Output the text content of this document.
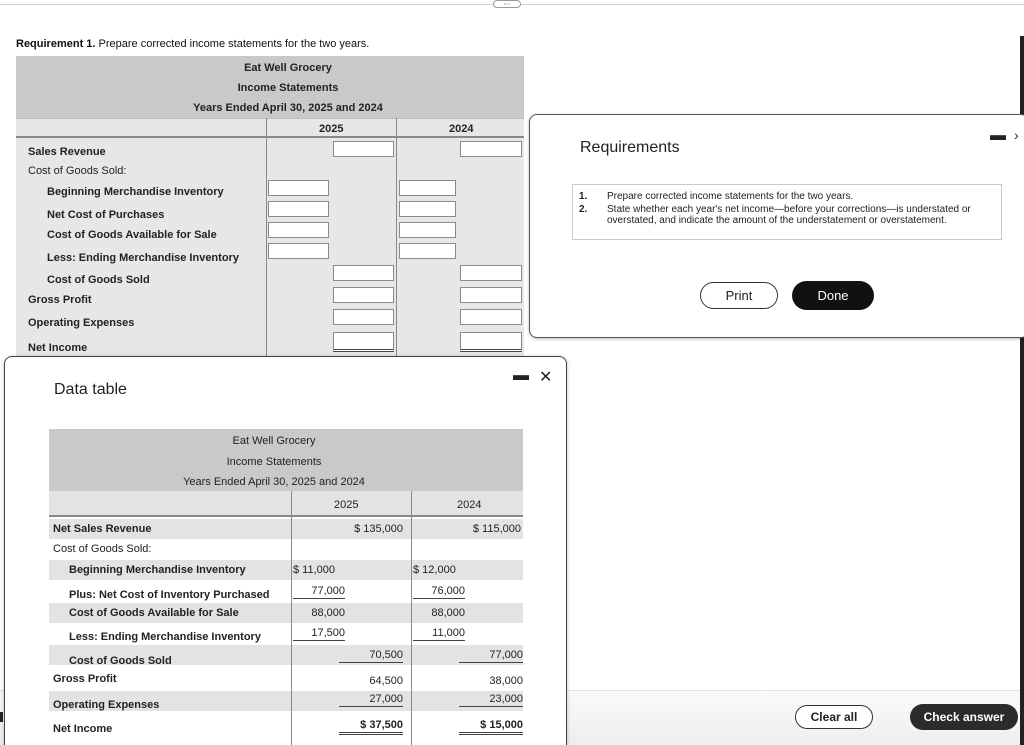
⋯
Requirement 1. Prepare corrected income statements for the two years.
Eat Well Grocery
Income Statements
Years Ended April 30, 2025 and 2024
2025	2024
Sales Revenue
Cost of Goods Sold:
Beginning Merchandise Inventory
Net Cost of Purchases
Cost of Goods Available for Sale
Less: Ending Merchandise Inventory
Cost of Goods Sold
Gross Profit
Operating Expenses
Net Income
Requirements
▬ ›
1. Prepare corrected income statements for the two years.
2. State whether each year's net income—before your corrections—is understated or overstated, and indicate the amount of the understatement or overstatement.
Print	Done
Clear all	Check answer
Data table
▬ ✕
Eat Well Grocery
Income Statements
Years Ended April 30, 2025 and 2024
2025	2024
Net Sales Revenue	$ 135,000	$ 115,000
Cost of Goods Sold:
Beginning Merchandise Inventory	$ 11,000	$ 12,000
Plus: Net Cost of Inventory Purchased	77,000	76,000
Cost of Goods Available for Sale	88,000	88,000
Less: Ending Merchandise Inventory	17,500	11,000
Cost of Goods Sold	70,500	77,000
Gross Profit	64,500	38,000
Operating Expenses	27,000	23,000
Net Income	$ 37,500	$ 15,000
